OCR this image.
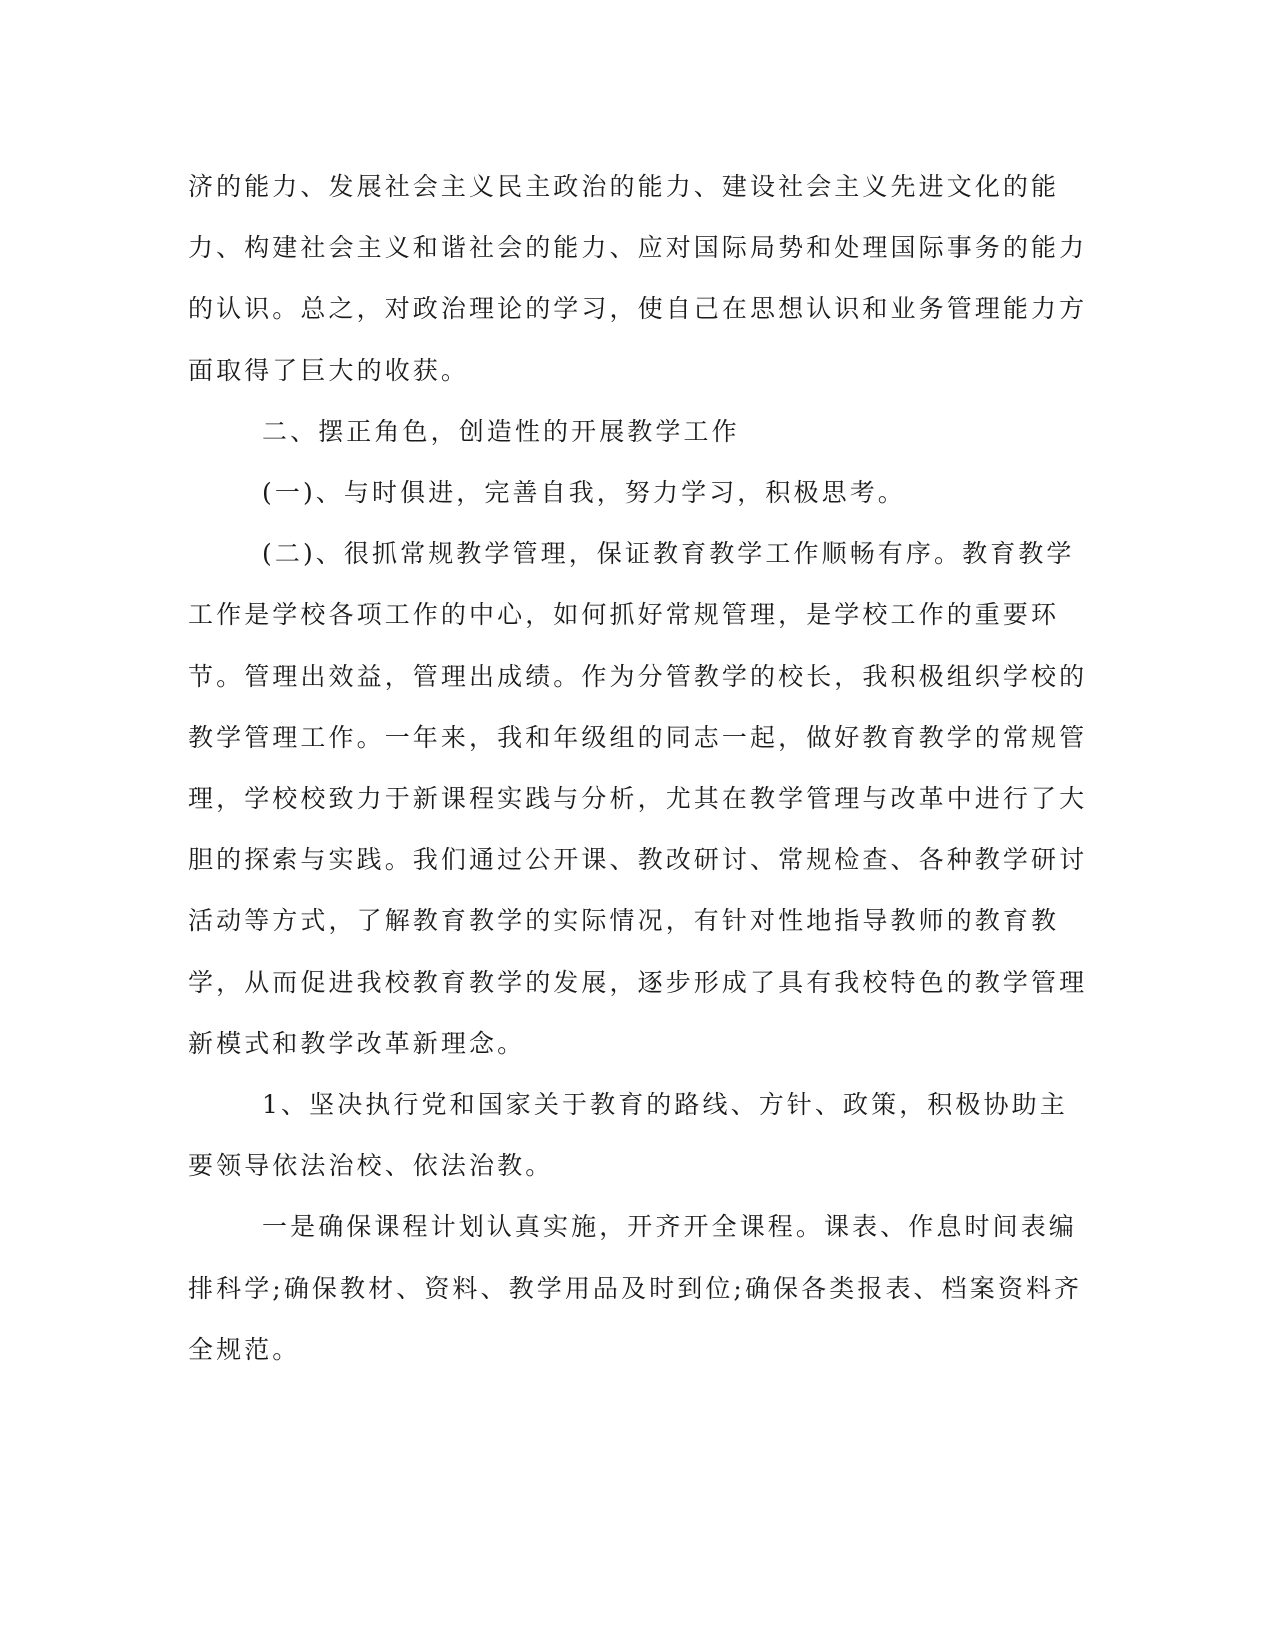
济的能力、发展社会主义民主政治的能力、建设社会主义先进文化的能力、构建社会主义和谐社会的能力、应对国际局势和处理国际事务的能力的认识。总之，对政治理论的学习，使自己在思想认识和业务管理能力方面取得了巨大的收获。

二、摆正角色，创造性的开展教学工作

(一)、与时俱进，完善自我，努力学习，积极思考。

(二)、很抓常规教学管理，保证教育教学工作顺畅有序。教育教学工作是学校各项工作的中心，如何抓好常规管理，是学校工作的重要环节。管理出效益，管理出成绩。作为分管教学的校长，我积极组织学校的教学管理工作。一年来，我和年级组的同志一起，做好教育教学的常规管理，学校校致力于新课程实践与分析，尤其在教学管理与改革中进行了大胆的探索与实践。我们通过公开课、教改研讨、常规检查、各种教学研讨活动等方式，了解教育教学的实际情况，有针对性地指导教师的教育教学，从而促进我校教育教学的发展，逐步形成了具有我校特色的教学管理新模式和教学改革新理念。

1、坚决执行党和国家关于教育的路线、方针、政策，积极协助主要领导依法治校、依法治教。

一是确保课程计划认真实施，开齐开全课程。课表、作息时间表编排科学;确保教材、资料、教学用品及时到位;确保各类报表、档案资料齐全规范。
